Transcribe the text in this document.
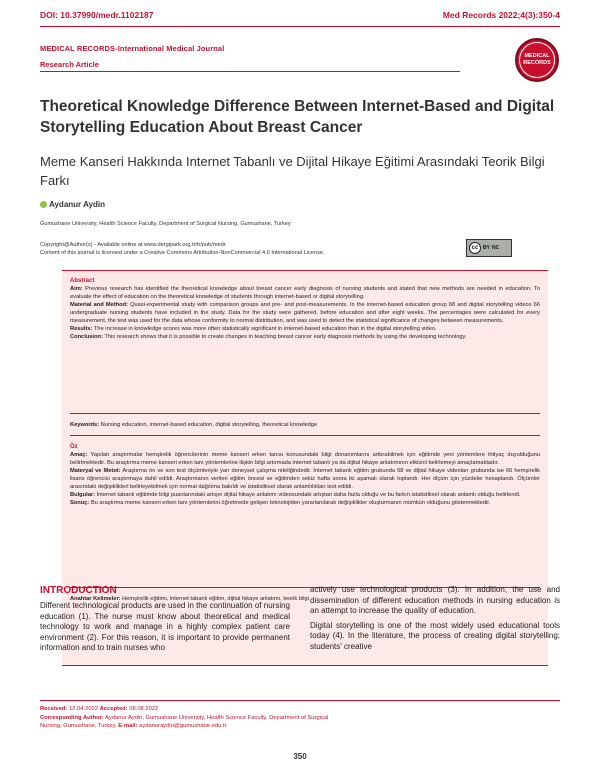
DOI: 10.37990/medr.1102187	Med Records 2022;4(3):350-4
MEDICAL RECORDS-International Medical Journal
Research Article
MEDICAL
RECORDS
Theoretical Knowledge Difference Between Internet-Based and Digital Storytelling Education About Breast Cancer
Meme Kanseri Hakkında Internet Tabanlı ve Dijital Hikaye Eğitimi Arasındaki Teorik Bilgi Farkı
Aydanur Aydin
Gumushane University, Health Science Faculty, Department of Surgical Nursing, Gumushane, Turkey
Copyright@Author(s) - Available online at www.dergipark.org.tr/tr/pub/medr
Content of this journal is licensed under a Creative Commons Attribution-NonCommercial 4.0 International License.
cc BY NC
Abstract
Aim: Previous research has identified the theoretical knowledge about breast cancer early diagnosis of nursing students and stated that new methods are needed in education. To evaluate the effect of education on the theoretical knowledge of students through internet-based or digital storytelling.
Material and Method: Quasi-experimental study with comparison groups and pre- and post-measurements. In the internet-based education group 68 and digital storytelling videos 66 undergraduate nursing students have included in the study. Data for the study were gathered, before education and after eight weeks. The percentages were calculated for every measurement, the test was used for the data whose conformity to normal distribution, and was used to detect the statistical significance of changes between measurements.
Results: The increase in knowledge scores was more often statistically significant in internet-based education than in the digital storytelling video.
Conclusion: This research shows that it is possible to create changes in teaching breast cancer early diagnosis methods by using the developing technology.
Keywords: Nursing education, internet-based education, digital storytelling, theoretical knowledge
Öz
Amaç: Yapılan araştırmalar hemşirelik öğrencilerinin meme kanseri erken tanısı konusundaki bilgi donanımlarını arttırabilmek için eğitimde yeni yöntemlere ihtiyaç duyulduğunu belirtmektedir. Bu araştırma meme kanseri erken tanı yöntemlerine ilişkin bilgi artırmada internet tabanlı ya da dijital hikaye anlatımının etkisini belirlemeyi amaçlamaktadır.
Materyal ve Metot: Araştırma ön ve son test ölçümleriyle yarı deneysel çalışma niteliğindedir. İnternet tabanlı eğitim grubunda 68 ve dijital hikaye videoları grubunda ise 66 hemşirelik lisans öğrencisi araştırmaya dahil edildi. Araştırmanın verileri eğitim öncesi ve eğitimden sekiz hafta sonra iki aşamalı olarak toplandı. Her ölçüm için yüzdeler hesaplandı. Ölçümler arasındaki değişiklikleri belirleyebilmek için normal dağılıma bakıldı ve istatistiksel olarak anlamlılıkları test edildi.
Bulgular: İnternet tabanlı eğitimde bilgi puanlarındaki artışın dijital hikaye anlatımı videosundaki artıştan daha fazla olduğu ve bu farkın istatistiksel olarak anlamlı olduğu belirlendi.
Sonuç: Bu araştırma meme kanseri erken tanı yöntemlerini öğretmede gelişen teknolojiden yararlanılarak değişiklikler oluşturmanın mümkün olduğunu göstermektedir.
Anahtar Kelimeler: Hemşirelik eğitimi, internet tabanlı eğitim, dijital hikaye anlatımı, teorik bilgi
INTRODUCTION
Different technological products are used in the continuation of nursing education (1). The nurse must know about theoretical and medical technology to work and manage in a highly complex patient care environment (2). For this reason, it is important to provide permanent information and to train nurses who
actively use technological products (3). In addition, the use and dissemination of different education methods in nursing education is an attempt to increase the quality of education.
Digital storytelling is one of the most widely used educational tools today (4). In the literature, the process of creating digital storytelling; students' creative
Received: 12.04.2022 Accepted: 08.08.2022
Corresponding Author: Aydanur Aydin, Gumushane University, Health Science Faculty, Department of Surgical
Nursing, Gumushane, Turkey, E-mail: aydanuraydin@gumushane.edu.tr
350
